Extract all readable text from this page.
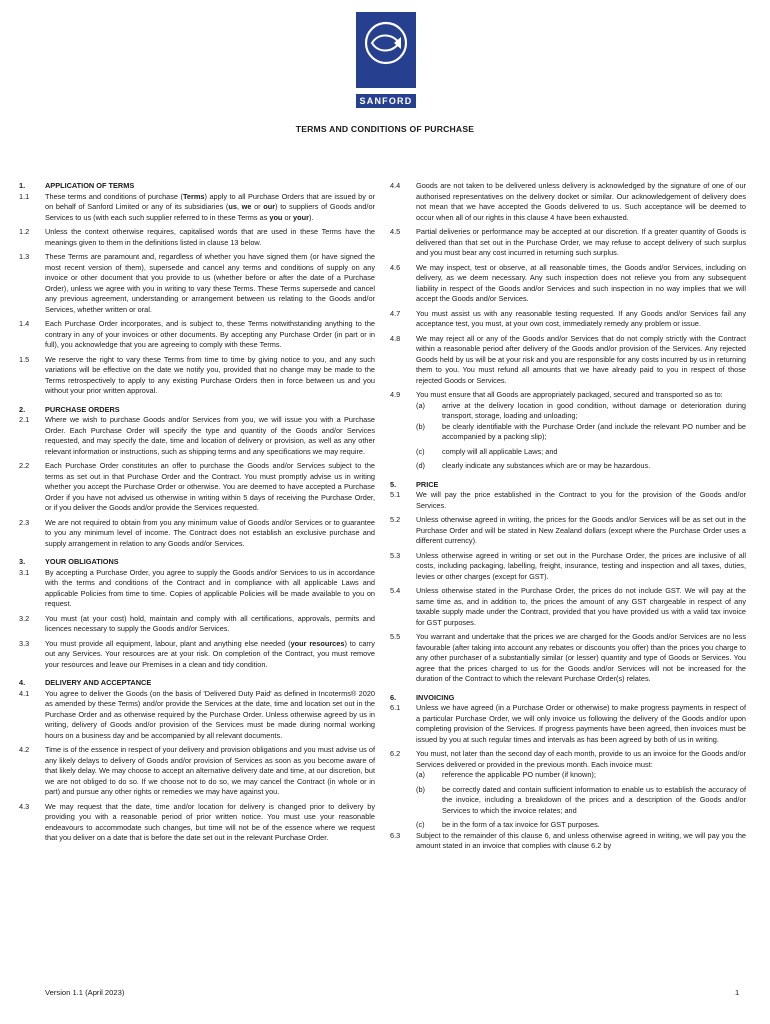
SANFORD
TERMS AND CONDITIONS OF PURCHASE
1.	APPLICATION OF TERMS
1.1	These terms and conditions of purchase (Terms) apply to all Purchase Orders that are issued by or on behalf of Sanford Limited or any of its subsidiaries (us, we or our) to suppliers of Goods and/or Services to us (with each such supplier referred to in these Terms as you or your).
1.2	Unless the context otherwise requires, capitalised words that are used in these Terms have the meanings given to them in the definitions listed in clause 13 below.
1.3	These Terms are paramount and, regardless of whether you have signed them (or have signed the most recent version of them), supersede and cancel any terms and conditions of supply on any invoice or other document that you provide to us (whether before or after the date of a Purchase Order), unless we agree with you in writing to vary these Terms. These Terms supersede and cancel any previous agreement, understanding or arrangement between us relating to the Goods and/or Services, whether written or oral.
1.4	Each Purchase Order incorporates, and is subject to, these Terms notwithstanding anything to the contrary in any of your invoices or other documents. By accepting any Purchase Order (in part or in full), you acknowledge that you are agreeing to comply with these Terms.
1.5	We reserve the right to vary these Terms from time to time by giving notice to you, and any such variations will be effective on the date we notify you, provided that no change may be made to the Terms retrospectively to apply to any existing Purchase Orders then in force between us and you without your prior written approval.
2.	PURCHASE ORDERS
2.1	Where we wish to purchase Goods and/or Services from you, we will issue you with a Purchase Order. Each Purchase Order will specify the type and quantity of the Goods and/or Services requested, and may specify the date, time and location of delivery or provision, as well as any other relevant information or instructions, such as shipping terms and any specifications we may require.
2.2	Each Purchase Order constitutes an offer to purchase the Goods and/or Services subject to the terms as set out in that Purchase Order and the Contract. You must promptly advise us in writing whether you accept the Purchase Order or otherwise. You are deemed to have accepted a Purchase Order if you have not advised us otherwise in writing within 5 days of receiving the Purchase Order, or if you deliver the Goods and/or provide the Services requested.
2.3	We are not required to obtain from you any minimum value of Goods and/or Services or to guarantee to you any minimum level of income. The Contract does not establish an exclusive purchase and supply arrangement in relation to any Goods and/or Services.
3.	YOUR OBLIGATIONS
3.1	By accepting a Purchase Order, you agree to supply the Goods and/or Services to us in accordance with the terms and conditions of the Contract and in compliance with all applicable Laws and applicable Policies from time to time. Copies of applicable Policies will be made available to you on request.
3.2	You must (at your cost) hold, maintain and comply with all certifications, approvals, permits and licences necessary to supply the Goods and/or Services.
3.3	You must provide all equipment, labour, plant and anything else needed (your resources) to carry out any Services. Your resources are at your risk. On completion of the Contract, you must remove your resources and leave our Premises in a clean and tidy condition.
4.	DELIVERY AND ACCEPTANCE
4.1	You agree to deliver the Goods (on the basis of 'Delivered Duty Paid' as defined in Incoterms® 2020 as amended by these Terms) and/or provide the Services at the date, time and location set out in the Purchase Order and as otherwise required by the Purchase Order. Unless otherwise agreed by us in writing, delivery of Goods and/or provision of the Services must be made during normal working hours on a business day and be accompanied by all relevant documents.
4.2	Time is of the essence in respect of your delivery and provision obligations and you must advise us of any likely delays to delivery of Goods and/or provision of Services as soon as you become aware of that likely delay. We may choose to accept an alternative delivery date and time, at our discretion, but we are not obliged to do so. If we choose not to do so, we may cancel the Contract (in whole or in part) and pursue any other rights or remedies we may have against you.
4.3	We may request that the date, time and/or location for delivery is changed prior to delivery by providing you with a reasonable period of prior written notice. You must use your reasonable endeavours to accommodate such changes, but time will not be of the essence where we request that you deliver on a date that is before the date set out in the relevant Purchase Order.
4.4	Goods are not taken to be delivered unless delivery is acknowledged by the signature of one of our authorised representatives on the delivery docket or similar. Our acknowledgement of delivery does not mean that we have accepted the Goods delivered to us. Such acceptance will be deemed to occur when all of our rights in this clause 4 have been exhausted.
4.5	Partial deliveries or performance may be accepted at our discretion. If a greater quantity of Goods is delivered than that set out in the Purchase Order, we may refuse to accept delivery of such surplus and you must bear any cost incurred in returning such surplus.
4.6	We may inspect, test or observe, at all reasonable times, the Goods and/or Services, including on delivery, as we deem necessary. Any such inspection does not relieve you from any subsequent liability in respect of the Goods and/or Services and such inspection in no way implies that we will accept the Goods and/or Services.
4.7	You must assist us with any reasonable testing requested. If any Goods and/or Services fail any acceptance test, you must, at your own cost, immediately remedy any problem or issue.
4.8	We may reject all or any of the Goods and/or Services that do not comply strictly with the Contract within a reasonable period after delivery of the Goods and/or provision of the Services. Any rejected Goods held by us will be at your risk and you are responsible for any costs incurred by us in returning them to you. You must refund all amounts that we have already paid to you in respect of those rejected Goods or Services.
4.9	You must ensure that all Goods are appropriately packaged, secured and transported so as to:
(a)	arrive at the delivery location in good condition, without damage or deterioration during transport, storage, loading and unloading;
(b)	be clearly identifiable with the Purchase Order (and include the relevant PO number and be accompanied by a packing slip);
(c)	comply will all applicable Laws; and
(d)	clearly indicate any substances which are or may be hazardous.
5.	PRICE
5.1	We will pay the price established in the Contract to you for the provision of the Goods and/or Services.
5.2	Unless otherwise agreed in writing, the prices for the Goods and/or Services will be as set out in the Purchase Order and will be stated in New Zealand dollars (except where the Purchase Order uses a different currency).
5.3	Unless otherwise agreed in writing or set out in the Purchase Order, the prices are inclusive of all costs, including packaging, labelling, freight, insurance, testing and inspection and all taxes, duties, levies or other charges (except for GST).
5.4	Unless otherwise stated in the Purchase Order, the prices do not include GST. We will pay at the same time as, and in addition to, the prices the amount of any GST chargeable in respect of any taxable supply made under the Contract, provided that you have provided us with a valid tax invoice for GST purposes.
5.5	You warrant and undertake that the prices we are charged for the Goods and/or Services are no less favourable (after taking into account any rebates or discounts you offer) than the prices you charge to any other purchaser of a substantially similar (or lesser) quantity and type of Goods or Services. You agree that the prices charged to us for the Goods and/or Services will not be increased for the duration of the Contract to which the relevant Purchase Order(s) relates.
6.	INVOICING
6.1	Unless we have agreed (in a Purchase Order or otherwise) to make progress payments in respect of a particular Purchase Order, we will only invoice us following the delivery of the Goods and/or upon completing provision of the Services. If progress payments have been agreed, then invoices must be issued by you at such regular times and intervals as has been agreed by both of us in writing.
6.2	You must, not later than the second day of each month, provide to us an invoice for the Goods and/or Services delivered or provided in the previous month. Each invoice must:
(a)	reference the applicable PO number (if known);
(b)	be correctly dated and contain sufficient information to enable us to establish the accuracy of the invoice, including a breakdown of the prices and a description of the Goods and/or Services to which the invoice relates; and
(c)	be in the form of a tax invoice for GST purposes.
6.3	Subject to the remainder of this clause 6, and unless otherwise agreed in writing, we will pay you the amount stated in an invoice that complies with clause 6.2 by
Version 1.1 (April 2023)	1
